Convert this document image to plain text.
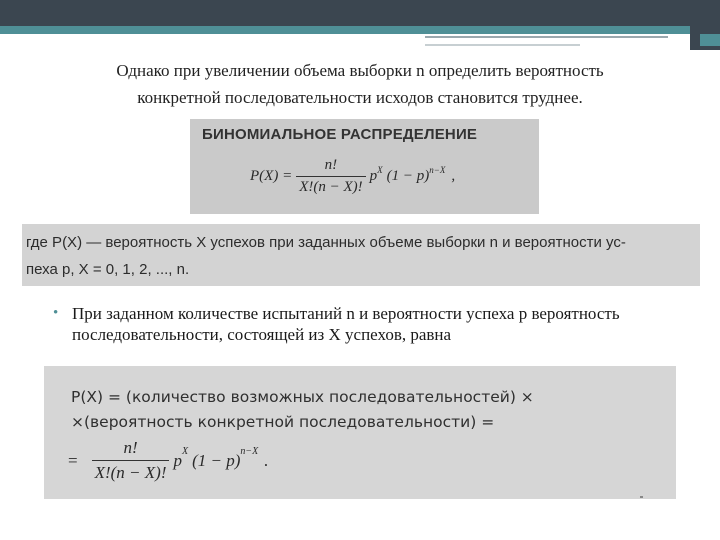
Однако при увеличении объема выборки n определить вероятность
конкретной последовательности исходов становится труднее.
БИНОМИАЛЬНОЕ РАСПРЕДЕЛЕНИЕ
$P(X) = \frac{n!}{X!(n - X)!}$ p X (1 − p) n−X ,
где P(X) — вероятность X успехов при заданных объеме выборки n и вероятности ус-
пеха p, X = 0, 1, 2, ..., n.
• При заданном количестве испытаний n и вероятности успеха p вероятность последовательности, состоящей из X успехов, равна
P(X) = (количество возможных последовательностей) ×
×(вероятность конкретной последовательности) =
= $\frac{n!}{X!(n - X)!}$ p X (1 − p) n−X .
